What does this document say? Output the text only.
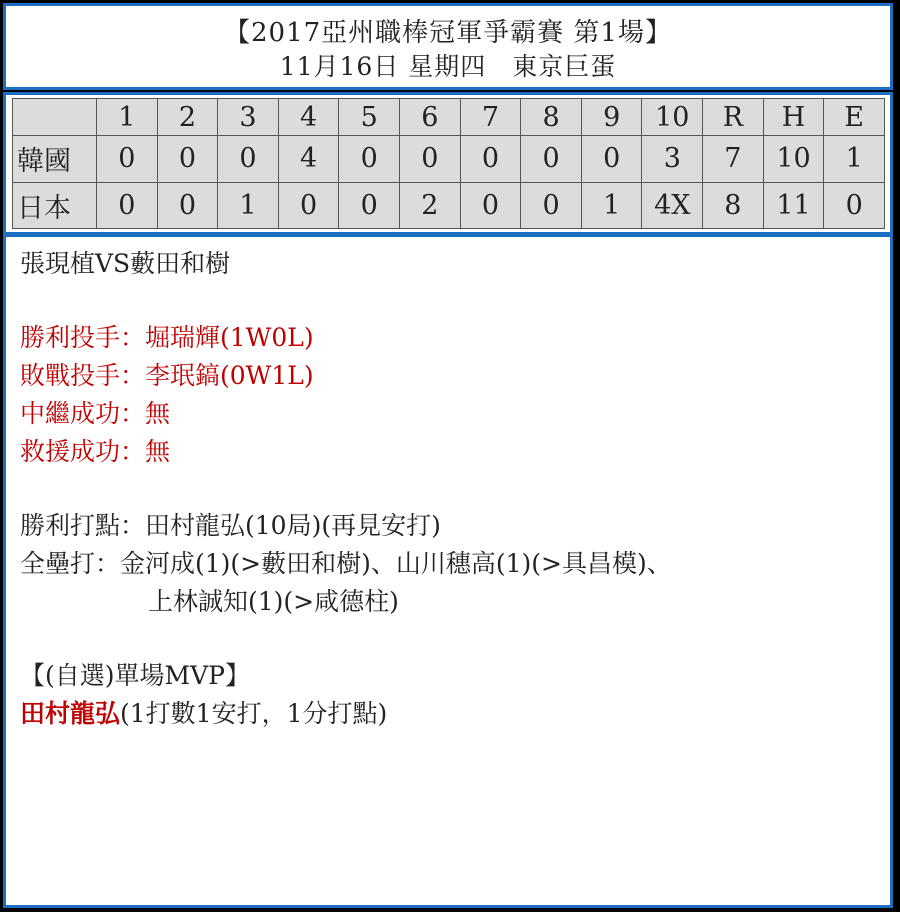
【2017亞州職棒冠軍爭霸賽 第1場】
11月16日 星期四　東京巨蛋
	1	2	3	4	5	6	7	8	9	10	R	H	E
韓國	0	0	0	4	0	0	0	0	0	3	7	10	1
日本	0	0	1	0	0	2	0	0	1	4X	8	11	0
張現植VS藪田和樹
勝利投手：堀瑞輝(1W0L)
敗戰投手：李珉鎬(0W1L)
中繼成功：無
救援成功：無
勝利打點：田村龍弘(10局)(再見安打)
全壘打：金河成(1)(>藪田和樹)、山川穗高(1)(>具昌模)、
上林誠知(1)(>咸德柱)
【(自選)單場MVP】
田村龍弘(1打數1安打，1分打點)
